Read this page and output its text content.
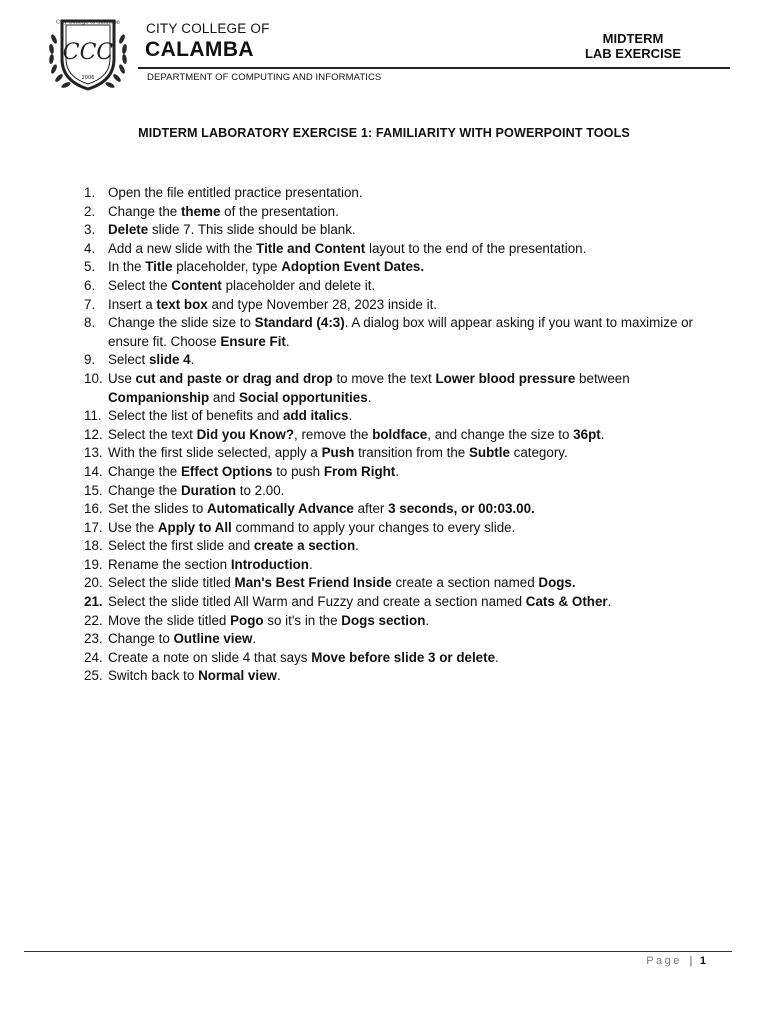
City College of Calamba
CCC
2006
CITY COLLEGE OF
CALAMBA	MIDTERM
LAB EXERCISE
DEPARTMENT OF COMPUTING AND INFORMATICS
MIDTERM LABORATORY EXERCISE 1: FAMILIARITY WITH POWERPOINT TOOLS
1. Open the file entitled practice presentation.
2. Change the theme of the presentation.
3. Delete slide 7. This slide should be blank.
4. Add a new slide with the Title and Content layout to the end of the presentation.
5. In the Title placeholder, type Adoption Event Dates.
6. Select the Content placeholder and delete it.
7. Insert a text box and type November 28, 2023 inside it.
8. Change the slide size to Standard (4:3). A dialog box will appear asking if you want to maximize or ensure fit. Choose Ensure Fit.
9. Select slide 4.
10. Use cut and paste or drag and drop to move the text Lower blood pressure between Companionship and Social opportunities.
11. Select the list of benefits and add italics.
12. Select the text Did you Know?, remove the boldface, and change the size to 36pt.
13. With the first slide selected, apply a Push transition from the Subtle category.
14. Change the Effect Options to push From Right.
15. Change the Duration to 2.00.
16. Set the slides to Automatically Advance after 3 seconds, or 00:03.00.
17. Use the Apply to All command to apply your changes to every slide.
18. Select the first slide and create a section.
19. Rename the section Introduction.
20. Select the slide titled Man's Best Friend Inside create a section named Dogs.
21. Select the slide titled All Warm and Fuzzy and create a section named Cats & Other.
22. Move the slide titled Pogo so it's in the Dogs section.
23. Change to Outline view.
24. Create a note on slide 4 that says Move before slide 3 or delete.
25. Switch back to Normal view.
Page | 1
